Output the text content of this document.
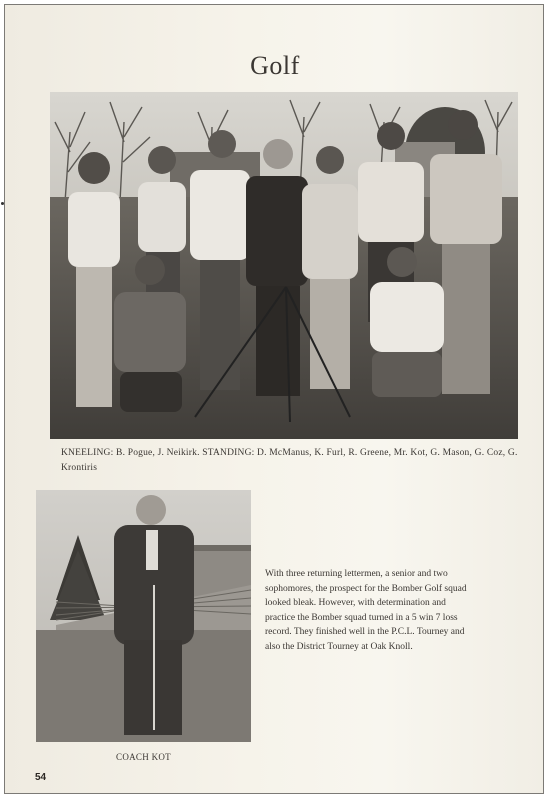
Golf

KNEELING: B. Pogue, J. Neikirk. STANDING: D. McManus, K. Furl, R. Greene, Mr. Kot, G. Mason, G. Coz, G. Krontiris

With three returning lettermen, a senior and two sophomores, the prospect for the Bomber Golf squad looked bleak. However, with determination and practice the Bomber squad turned in a 5 win 7 loss record. They finished well in the P.C.L. Tourney and also the District Tourney at Oak Knoll.

COACH KOT
54
